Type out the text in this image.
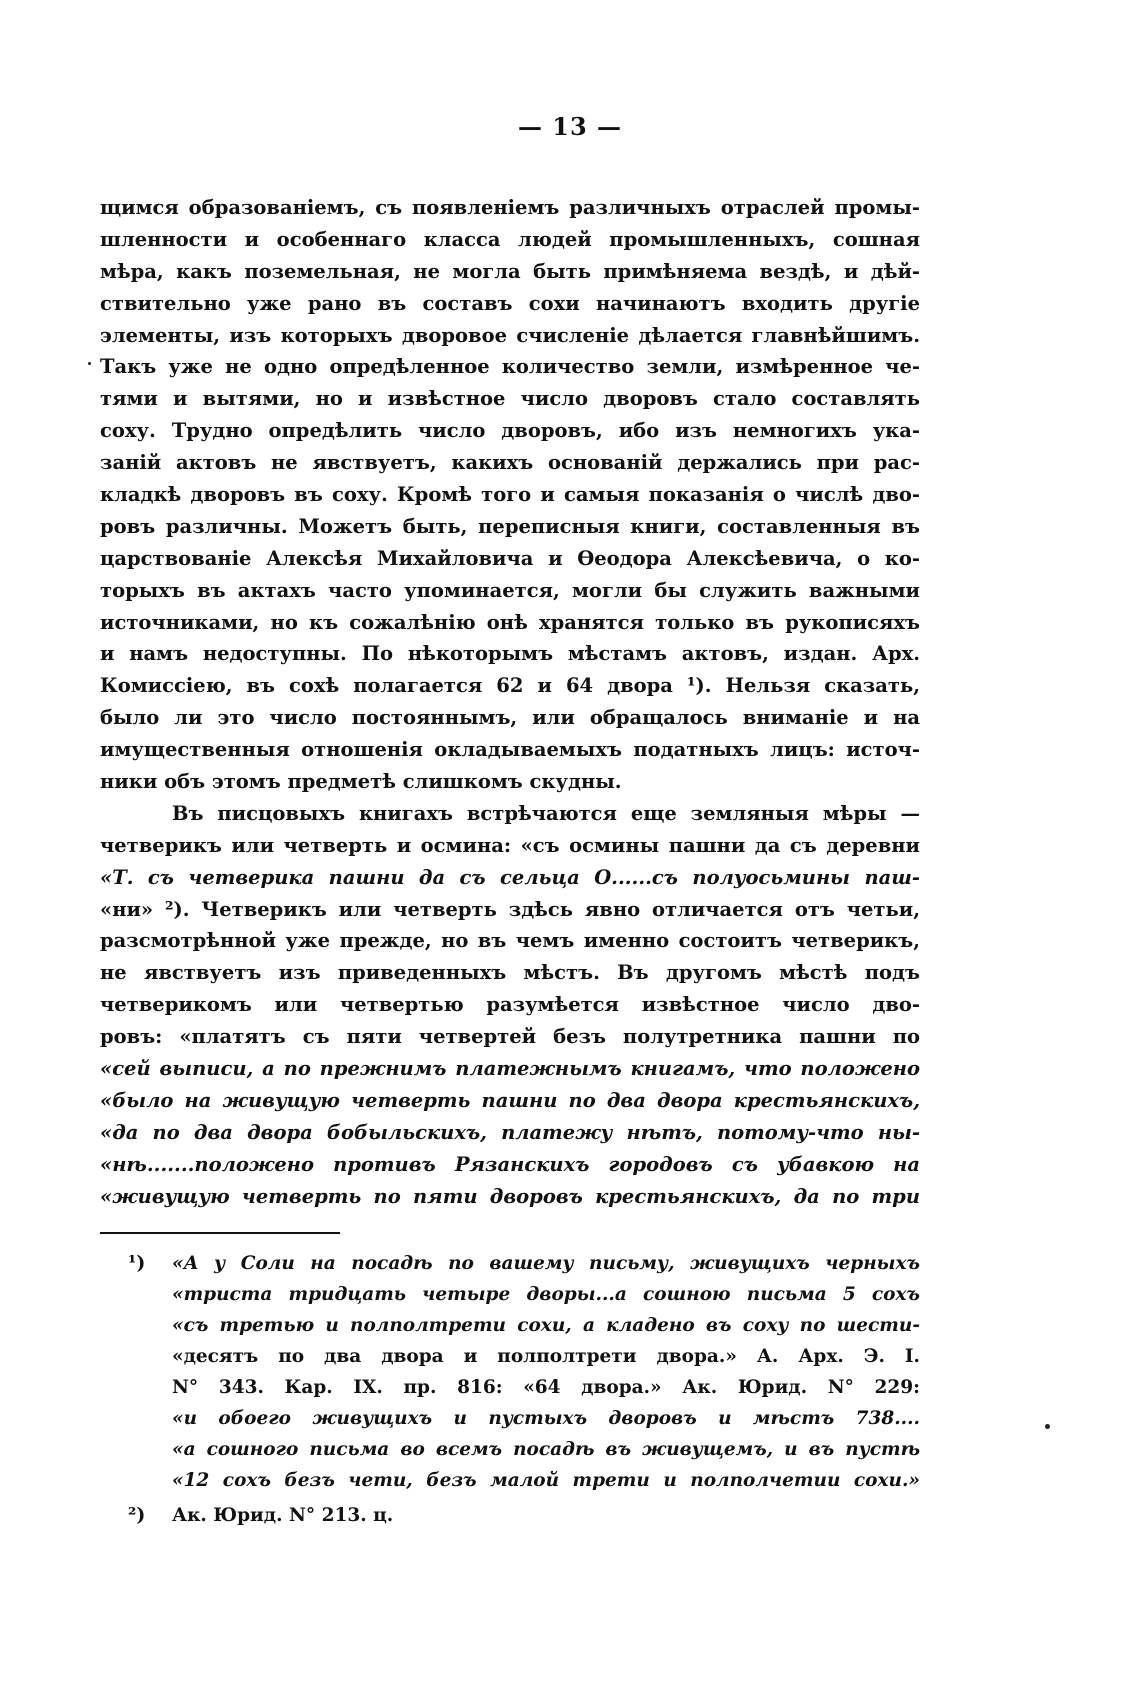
— 13 —
щимся образованіемъ, съ появленіемъ различныхъ отраслей промы-
шленности и особеннаго класса людей промышленныхъ, сошная
мѣра, какъ поземельная, не могла быть примѣняема вездѣ, и дѣй-
ствительно уже рано въ составъ сохи начинаютъ входить другіе
элементы, изъ которыхъ дворовое счисленіе дѣлается главнѣйшимъ.
Такъ уже не одно опредѣленное количество земли, измѣренное че-
тями и вытями, но и извѣстное число дворовъ стало составлять
соху. Трудно опредѣлить число дворовъ, ибо изъ немногихъ ука-
заній актовъ не явствуетъ, какихъ основаній держались при рас-
кладкѣ дворовъ въ соху. Кромѣ того и самыя показанія о числѣ дво-
ровъ различны. Можетъ быть, переписныя книги, составленныя въ
царствованіе Алексѣя Михайловича и Ѳеодора Алексѣевича, о ко-
торыхъ въ актахъ часто упоминается, могли бы служить важными
источниками, но къ сожалѣнію онѣ хранятся только въ рукописяхъ
и намъ недоступны. По нѣкоторымъ мѣстамъ актовъ, издан. Арх.
Комиссіею, въ сохѣ полагается 62 и 64 двора ¹). Нельзя сказать,
было ли это число постояннымъ, или обращалось вниманіе и на
имущественныя отношенія окладываемыхъ податныхъ лицъ: источ-
ники объ этомъ предметѣ слишкомъ скудны.
Въ писцовыхъ книгахъ встрѣчаются еще земляныя мѣры —
четверикъ или четверть и осмина: «съ осмины пашни да съ деревни
«Т. съ четверика пашни да съ сельца О......съ полуосьмины паш-
«ни» ²). Четверикъ или четверть здѣсь явно отличается отъ четьи,
разсмотрѣнной уже прежде, но въ чемъ именно состоитъ четверикъ,
не явствуетъ изъ приведенныхъ мѣстъ. Въ другомъ мѣстѣ подъ
четверикомъ или четвертью разумѣется извѣстное число дво-
ровъ: «платятъ съ пяти четвертей безъ полутретника пашни по
«сей выписи, а по прежнимъ платежнымъ книгамъ, что положено
«было на живущую четверть пашни по два двора крестьянскихъ,
«да по два двора бобыльскихъ, платежу нѣтъ, потому-что ны-
«нѣ.......положено противъ Рязанскихъ городовъ съ убавкою на
«живущую четверть по пяти дворовъ крестьянскихъ, да по три
¹) «А у Соли на посадѣ по вашему письму, живущихъ черныхъ
«триста тридцать четыре дворы...а сошною письма 5 сохъ
«съ третью и полполтрети сохи, а кладено въ соху по шести-
«десятъ по два двора и полполтрети двора.» А. Арх. Э. I.
N° 343. Кар. IX. пр. 816: «64 двора.» Ак. Юрид. N° 229:
«и обоего живущихъ и пустыхъ дворовъ и мѣстъ 738....
«а сошного письма во всемъ посадѣ въ живущемъ, и въ пустѣ
«12 сохъ безъ чети, безъ малой трети и полполчетии сохи.»
²) Ак. Юрид. N° 213. ц.
